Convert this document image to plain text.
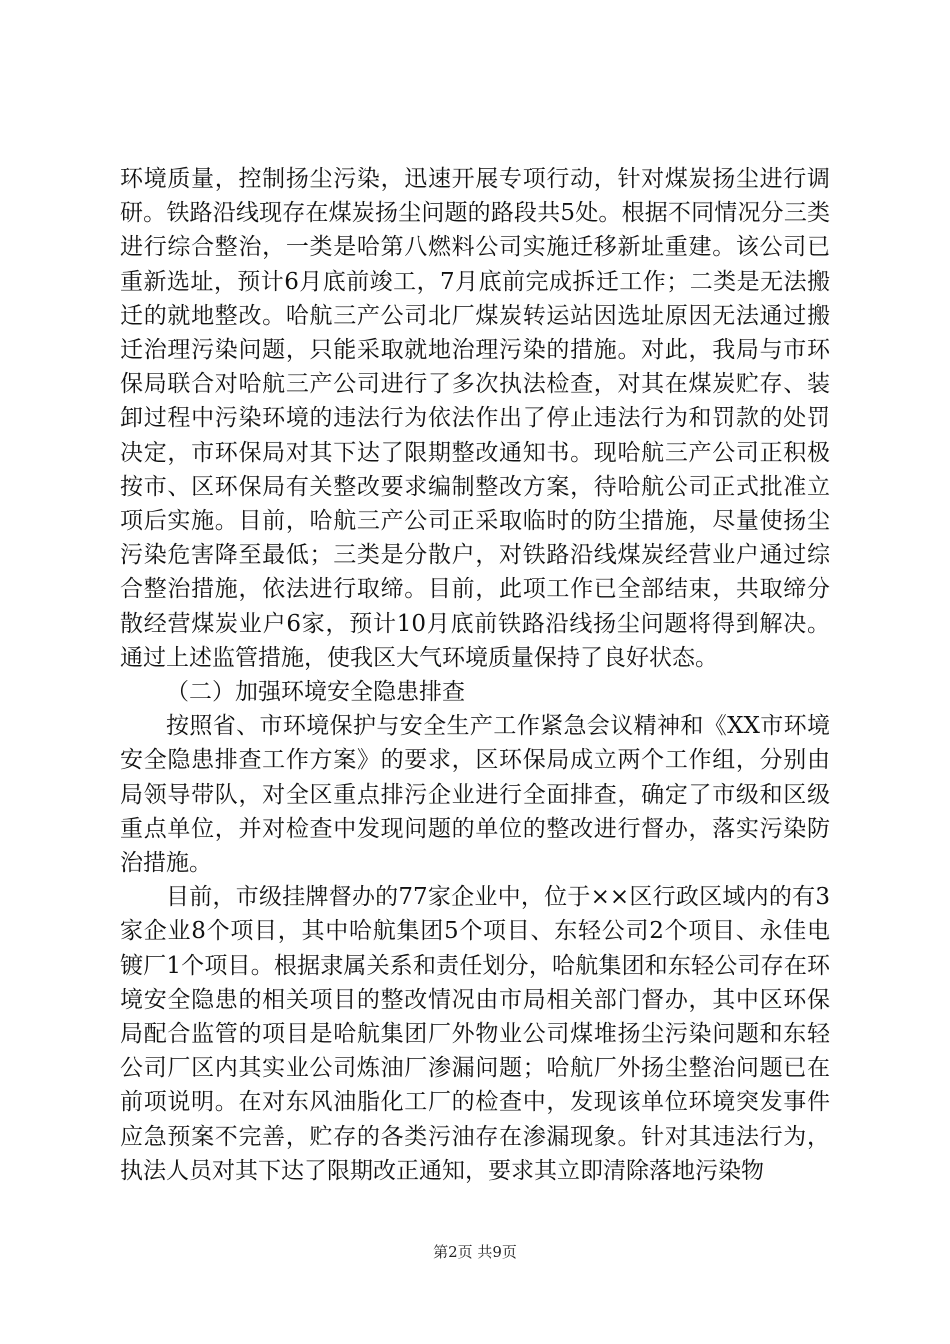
环境质量，控制扬尘污染，迅速开展专项行动，针对煤炭扬尘进行调研。铁路沿线现存在煤炭扬尘问题的路段共5处。根据不同情况分三类进行综合整治，一类是哈第八燃料公司实施迁移新址重建。该公司已重新选址，预计6月底前竣工，7月底前完成拆迁工作；二类是无法搬迁的就地整改。哈航三产公司北厂煤炭转运站因选址原因无法通过搬迁治理污染问题，只能采取就地治理污染的措施。对此，我局与市环保局联合对哈航三产公司进行了多次执法检查，对其在煤炭贮存、装卸过程中污染环境的违法行为依法作出了停止违法行为和罚款的处罚决定，市环保局对其下达了限期整改通知书。现哈航三产公司正积极按市、区环保局有关整改要求编制整改方案，待哈航公司正式批准立项后实施。目前，哈航三产公司正采取临时的防尘措施，尽量使扬尘污染危害降至最低；三类是分散户，对铁路沿线煤炭经营业户通过综合整治措施，依法进行取缔。目前，此项工作已全部结束，共取缔分散经营煤炭业户6家，预计10月底前铁路沿线扬尘问题将得到解决。通过上述监管措施，使我区大气环境质量保持了良好状态。

（二）加强环境安全隐患排查

按照省、市环境保护与安全生产工作紧急会议精神和《XX市环境安全隐患排查工作方案》的要求，区环保局成立两个工作组，分别由局领导带队，对全区重点排污企业进行全面排查，确定了市级和区级重点单位，并对检查中发现问题的单位的整改进行督办，落实污染防治措施。

目前，市级挂牌督办的77家企业中，位于××区行政区域内的有3家企业8个项目，其中哈航集团5个项目、东轻公司2个项目、永佳电镀厂1个项目。根据隶属关系和责任划分，哈航集团和东轻公司存在环境安全隐患的相关项目的整改情况由市局相关部门督办，其中区环保局配合监管的项目是哈航集团厂外物业公司煤堆扬尘污染问题和东轻公司厂区内其实业公司炼油厂渗漏问题；哈航厂外扬尘整治问题已在前项说明。在对东风油脂化工厂的检查中，发现该单位环境突发事件应急预案不完善，贮存的各类污油存在渗漏现象。针对其违法行为，执法人员对其下达了限期改正通知，要求其立即清除落地污染物

第2页 共9页
